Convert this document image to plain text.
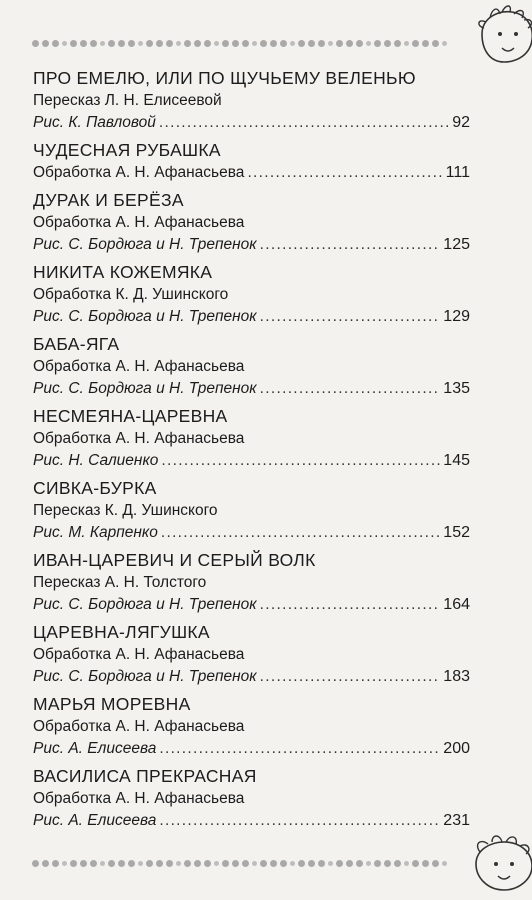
ПРО ЕМЕЛЮ, ИЛИ ПО ЩУЧЬЕМУ ВЕЛЕНЬЮ
Пересказ Л. Н. Елисеевой
Рис. К. Павловой . . .	92
ЧУДЕСНАЯ РУБАШКА
Обработка А. Н. Афанасьева . . .	111
ДУРАК И БЕРЁЗА
Обработка А. Н. Афанасьева
Рис. С. Бордюга и Н. Трепенок . . .	125
НИКИТА КОЖЕМЯКА
Обработка К. Д. Ушинского
Рис. С. Бордюга и Н. Трепенок . . .	129
БАБА-ЯГА
Обработка А. Н. Афанасьева
Рис. С. Бордюга и Н. Трепенок . . .	135
НЕСМЕЯНА-ЦАРЕВНА
Обработка А. Н. Афанасьева
Рис. Н. Салиенко . . .	145
СИВКА-БУРКА
Пересказ К. Д. Ушинского
Рис. М. Карпенко . . .	152
ИВАН-ЦАРЕВИЧ И СЕРЫЙ ВОЛК
Пересказ А. Н. Толстого
Рис. С. Бордюга и Н. Трепенок . . .	164
ЦАРЕВНА-ЛЯГУШКА
Обработка А. Н. Афанасьева
Рис. С. Бордюга и Н. Трепенок . . .	183
МАРЬЯ МОРЕВНА
Обработка А. Н. Афанасьева
Рис. А. Елисеева . . .	200
ВАСИЛИСА ПРЕКРАСНАЯ
Обработка А. Н. Афанасьева
Рис. А. Елисеева . . .	231
